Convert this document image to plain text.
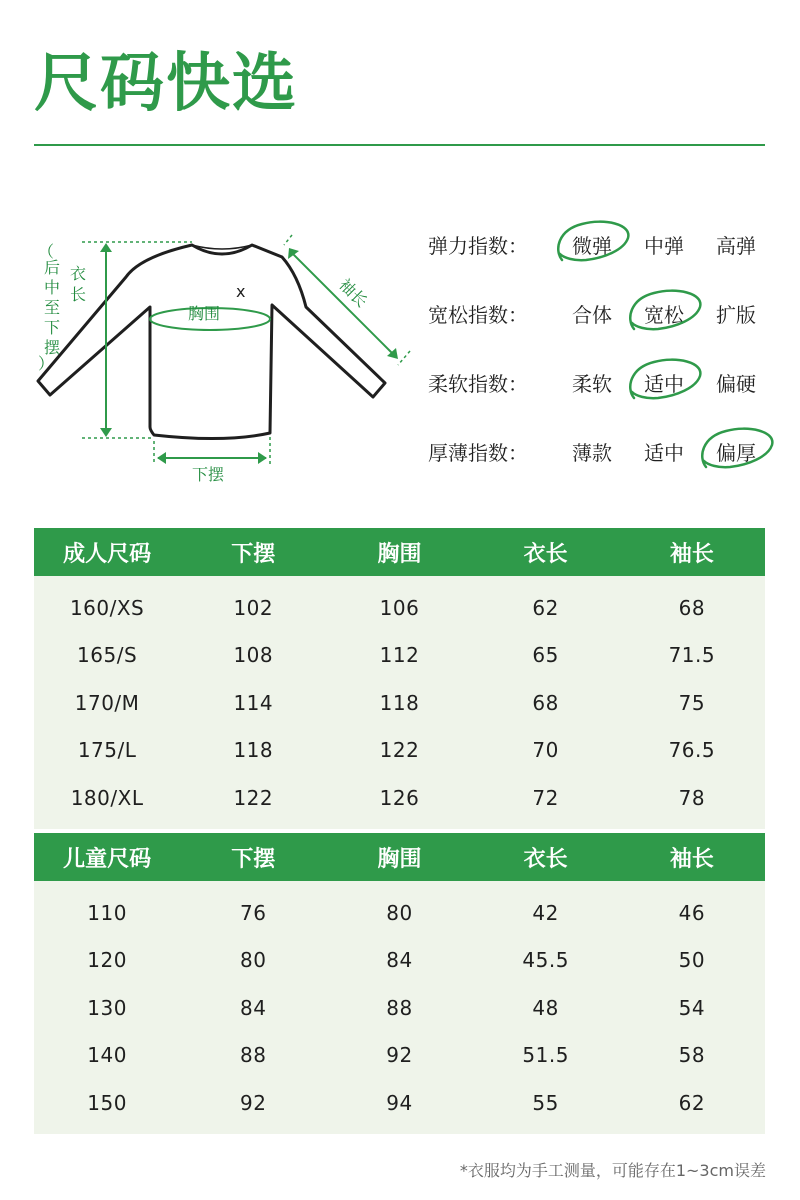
尺码快选
胸围
x
衣
长
（
后
中
至
下
摆
）
袖长
下摆
弹力指数：	微弹	中弹	高弹
宽松指数：	合体	宽松	扩版
柔软指数：	柔软	适中	偏硬
厚薄指数：	薄款	适中	偏厚
成人尺码	下摆	胸围	衣长	袖长
160/XS	102	106	62	68
165/S	108	112	65	71.5
170/M	114	118	68	75
175/L	118	122	70	76.5
180/XL	122	126	72	78
儿童尺码	下摆	胸围	衣长	袖长
110	76	80	42	46
120	80	84	45.5	50
130	84	88	48	54
140	88	92	51.5	58
150	92	94	55	62
*衣服均为手工测量，可能存在1~3cm误差
